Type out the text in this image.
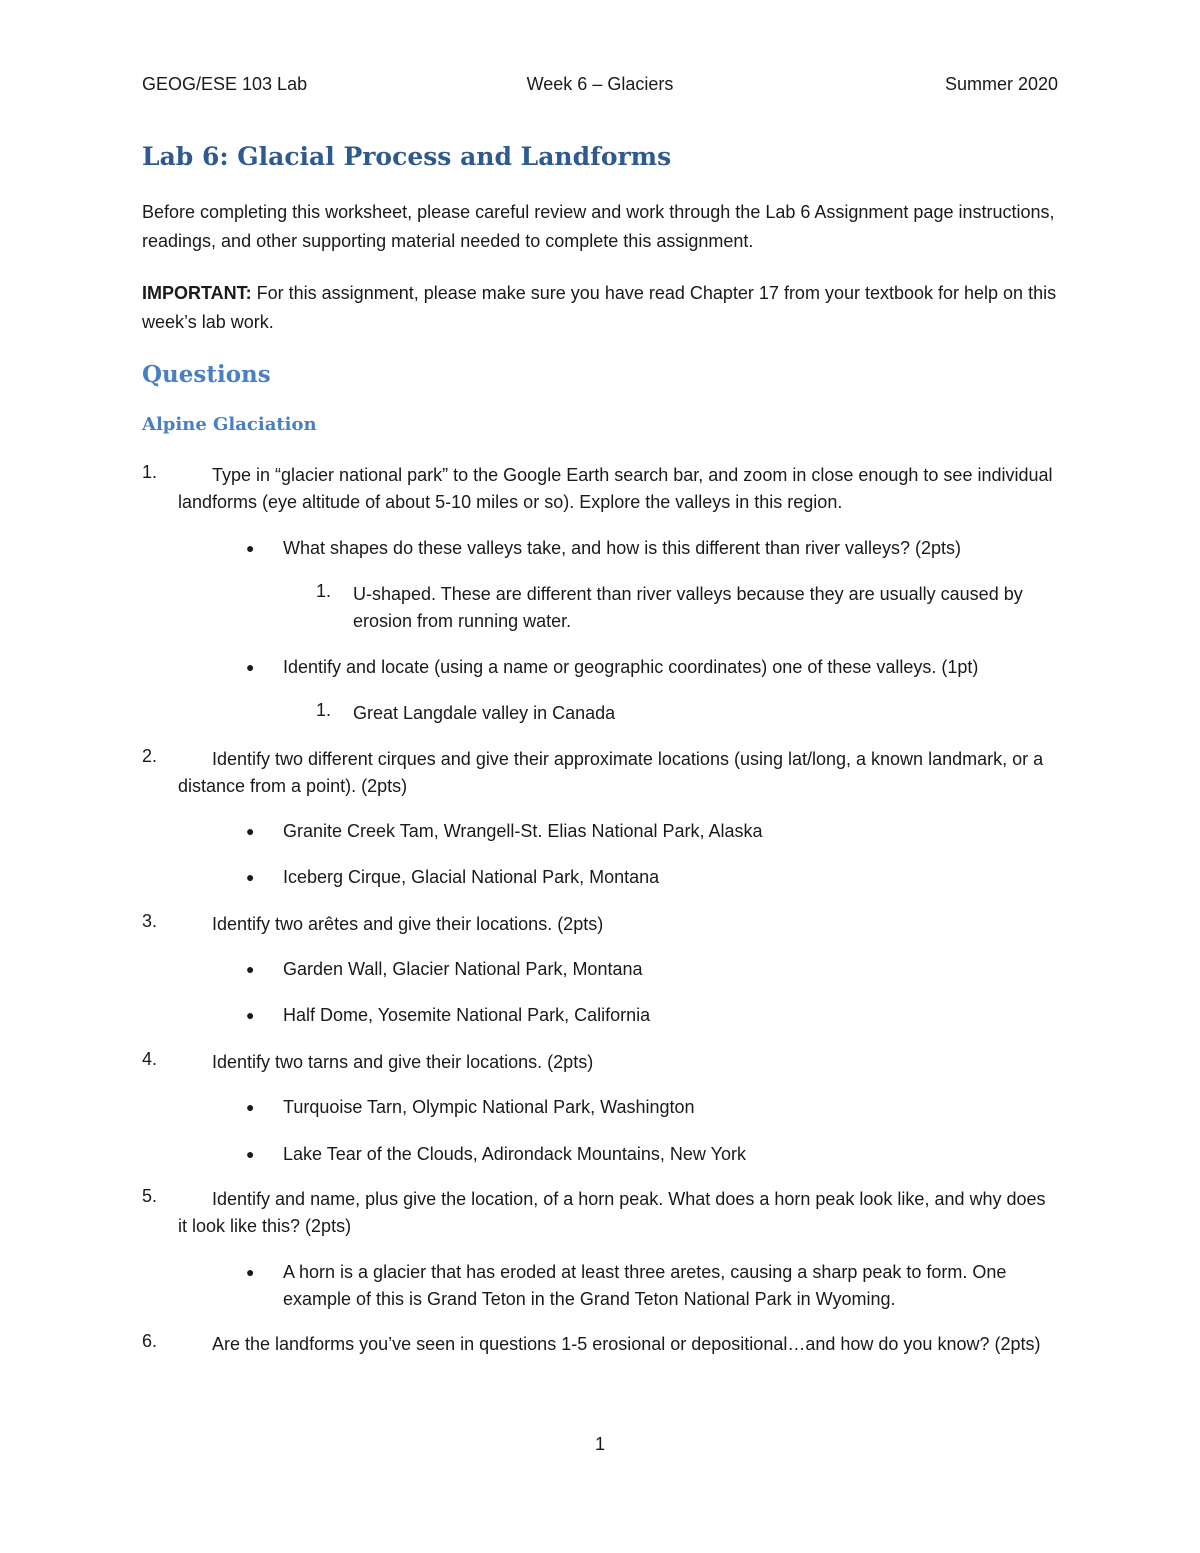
GEOG/ESE 103 Lab	Week 6 – Glaciers	Summer 2020
Lab 6: Glacial Process and Landforms
Before completing this worksheet, please careful review and work through the Lab 6 Assignment page instructions, readings, and other supporting material needed to complete this assignment.
IMPORTANT: For this assignment, please make sure you have read Chapter 17 from your textbook for help on this week’s lab work.
Questions
Alpine Glaciation
1.	Type in “glacier national park” to the Google Earth search bar, and zoom in close enough to see individual landforms (eye altitude of about 5-10 miles or so). Explore the valleys in this region.
● What shapes do these valleys take, and how is this different than river valleys? (2pts)
1. U-shaped. These are different than river valleys because they are usually caused by erosion from running water.
● Identify and locate (using a name or geographic coordinates) one of these valleys. (1pt)
1. Great Langdale valley in Canada
2.	Identify two different cirques and give their approximate locations (using lat/long, a known landmark, or a distance from a point). (2pts)
● Granite Creek Tam, Wrangell-St. Elias National Park, Alaska
● Iceberg Cirque, Glacial National Park, Montana
3.	Identify two arêtes and give their locations. (2pts)
● Garden Wall, Glacier National Park, Montana
● Half Dome, Yosemite National Park, California
4.	Identify two tarns and give their locations. (2pts)
● Turquoise Tarn, Olympic National Park, Washington
● Lake Tear of the Clouds, Adirondack Mountains, New York
5.	Identify and name, plus give the location, of a horn peak. What does a horn peak look like, and why does it look like this? (2pts)
● A horn is a glacier that has eroded at least three aretes, causing a sharp peak to form. One example of this is Grand Teton in the Grand Teton National Park in Wyoming.
6.	Are the landforms you’ve seen in questions 1-5 erosional or depositional…and how do you know? (2pts)
1
